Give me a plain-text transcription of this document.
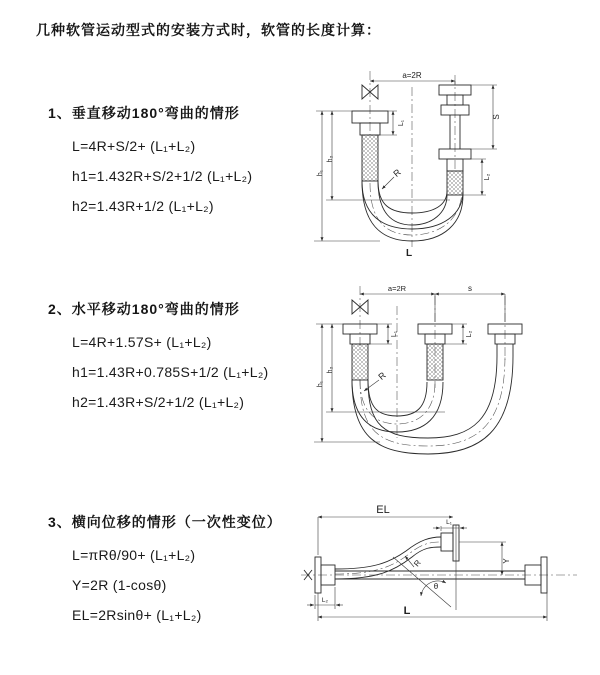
几种软管运动型式的安装方式时，软管的长度计算：

1、垂直移动180°弯曲的情形

L=4R+S/2+ (L₁+L₂)

h1=1.432R+S/2+1/2 (L₁+L₂)

h2=1.43R+1/2 (L₁+L₂)

2、水平移动180°弯曲的情形

L=4R+1.57S+ (L₁+L₂)

h1=1.43R+0.785S+1/2 (L₁+L₂)

h2=1.43R+S/2+1/2 (L₁+L₂)

3、横向位移的情形（一次性变位）

L=πRθ/90+ (L₁+L₂)

Y=2R (1-cosθ)

EL=2Rsinθ+ (L₁+L₂)

a=2R
L₁
S
L₂
h₁
h₂
R
L
a=2R	s
L₁	L₂
h₁
h₂
R
EL
L₁
Y
θ
R
L
L₂
